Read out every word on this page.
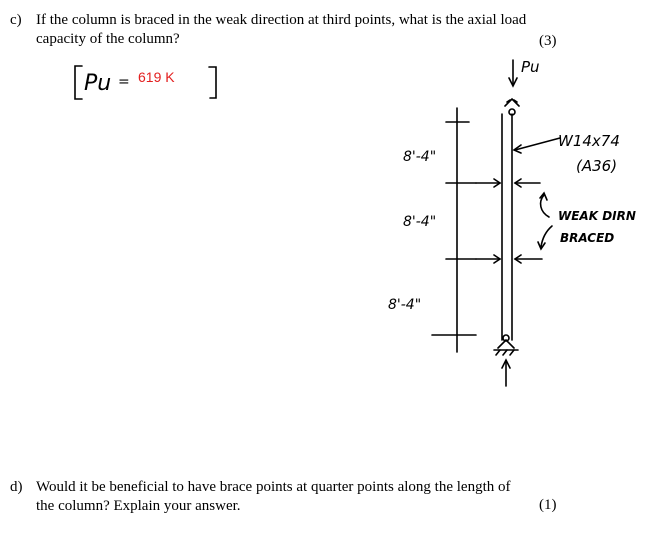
c) If the column is braced in the weak direction at third points, what is the axial load
capacity of the column?	(3)
Pu =
Pu
W14x74
(A36)
WEAK DIRN
BRACED
8'-4"
8'-4"
8'-4"
619 K
d) Would it be beneficial to have brace points at quarter points along the length of
the column? Explain your answer.	(1)
